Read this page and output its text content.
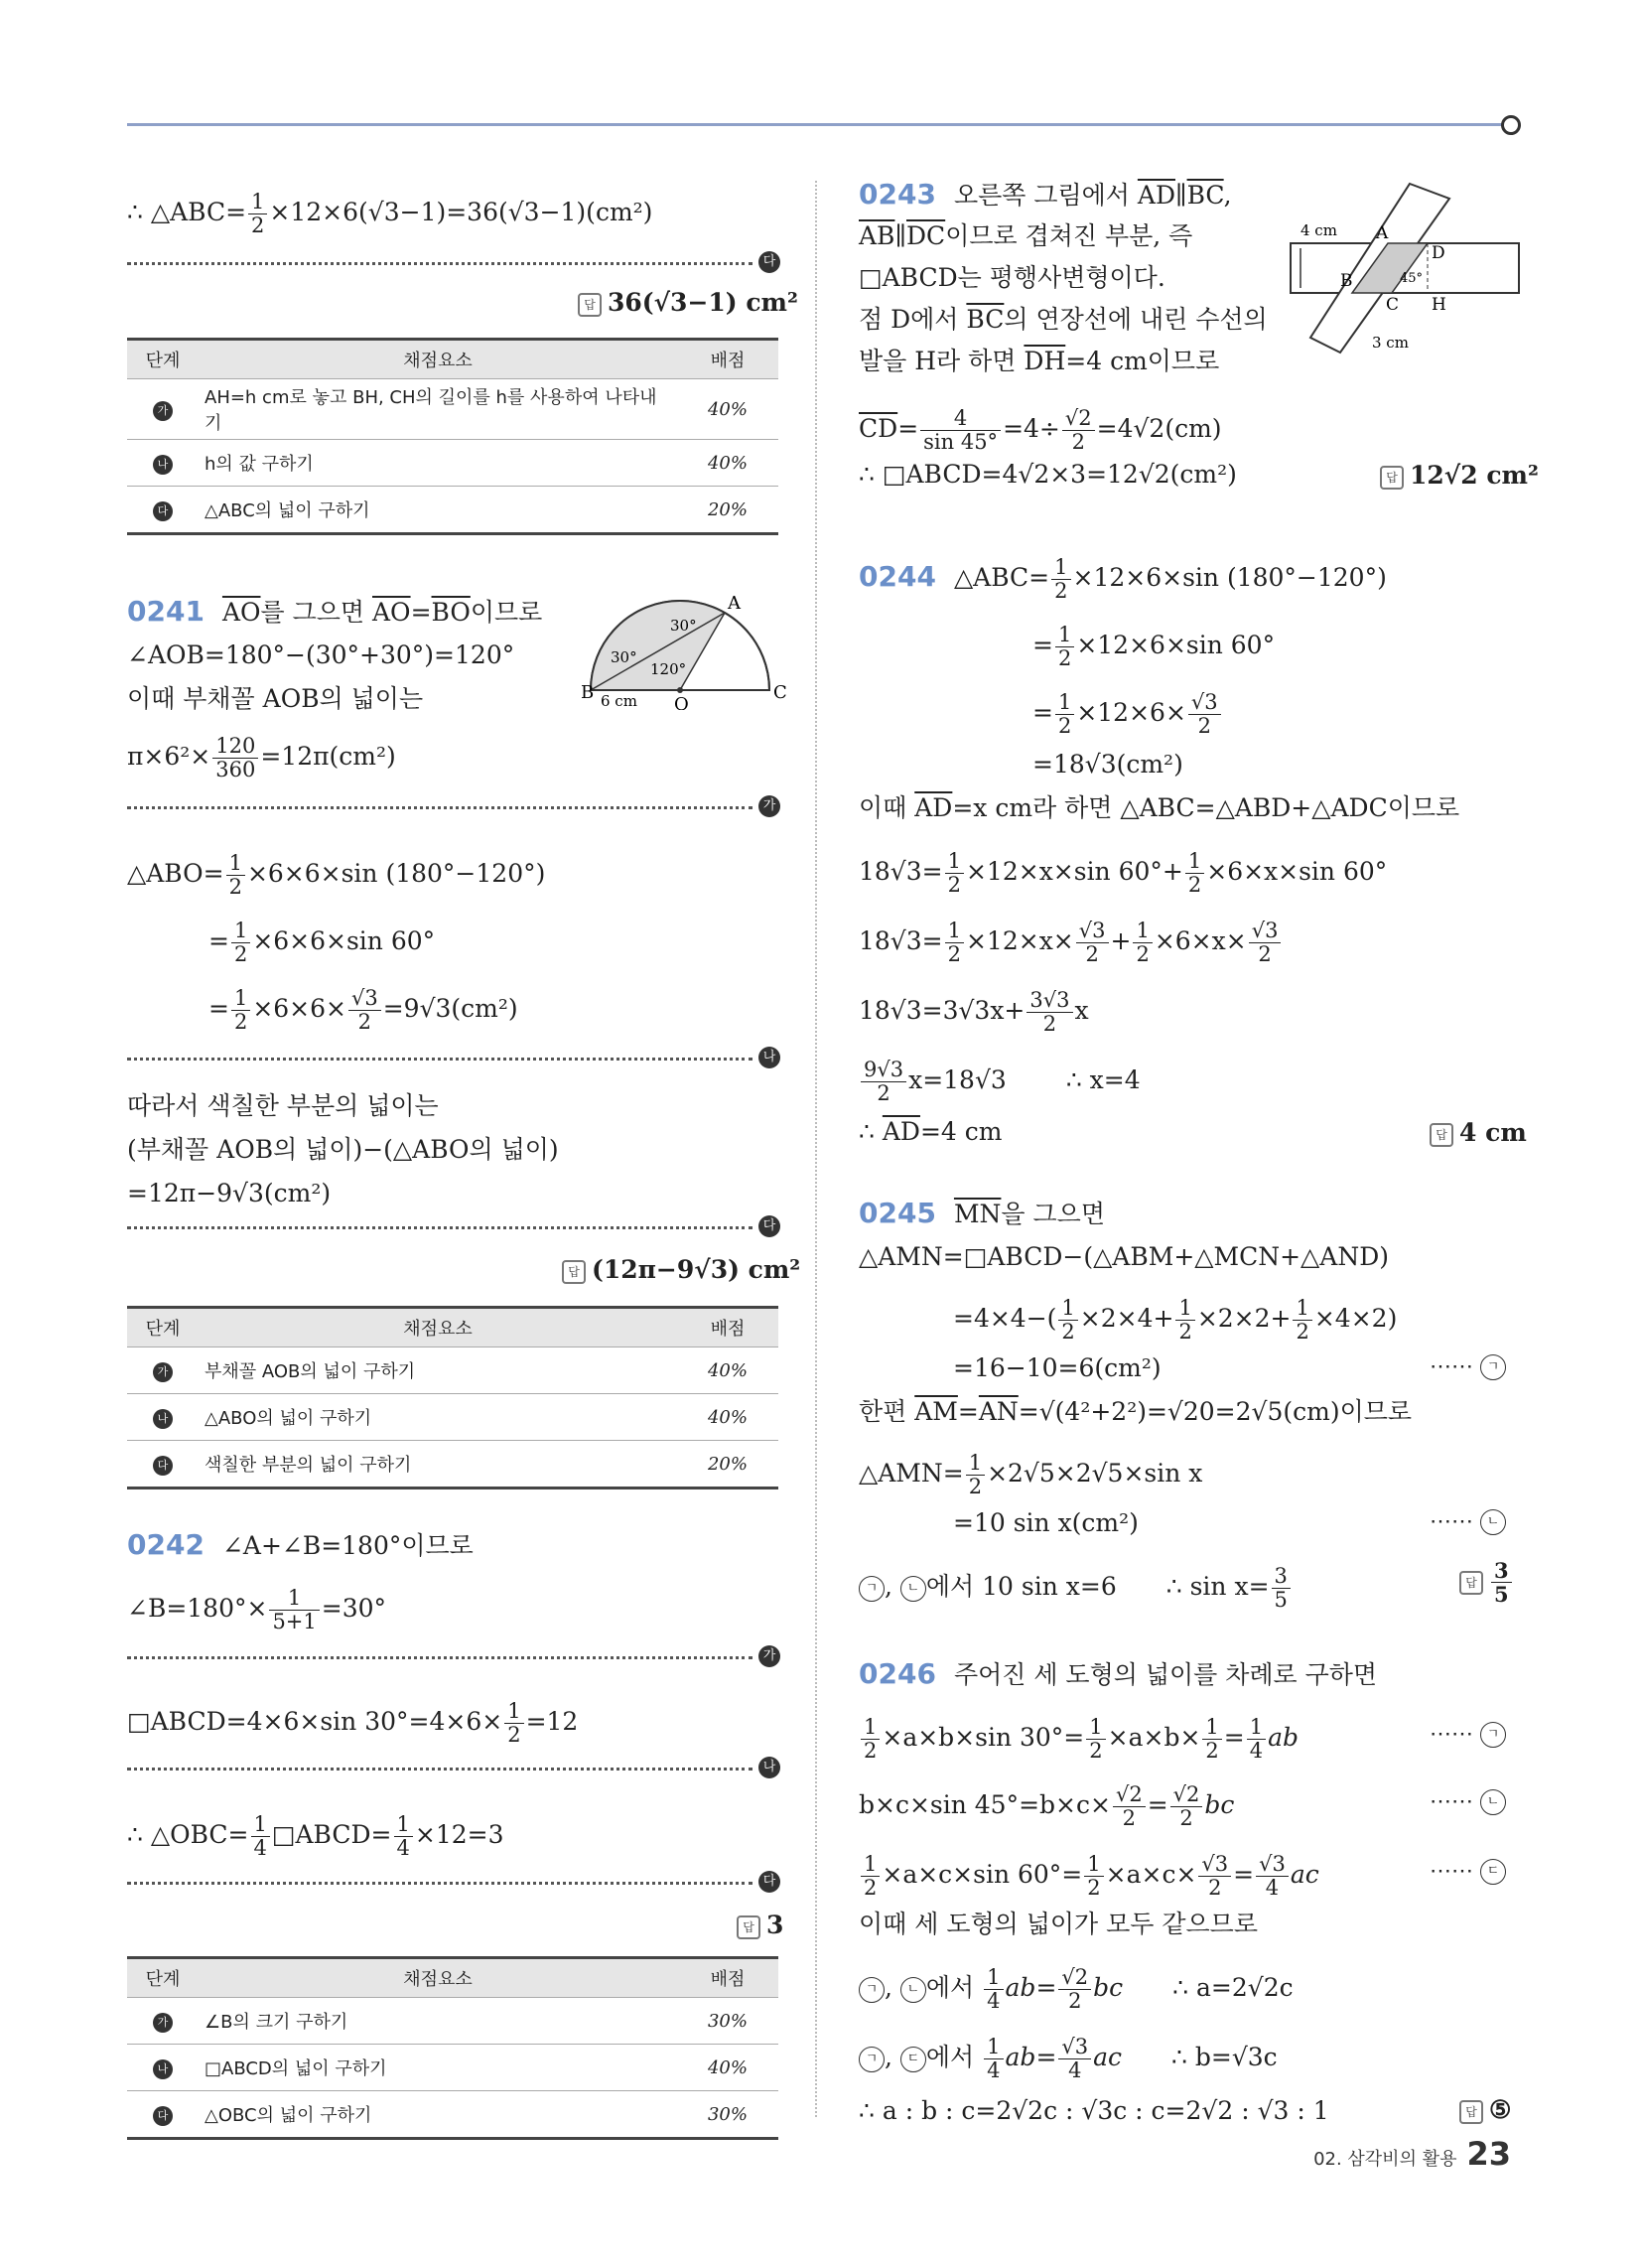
∴ △ABC= $\frac{1}{2} \times 12\times 6(√3-1)=36(√3-1)(cm^2)$
다
답 36(√3−1) cm²
단계	채점요소	배점
가	AH=h cm로 놓고 BH, CH의 길이를 h를 사용하여 나타내기	40%
나	h의 값 구하기	40%
다	△ABC의 넓이 구하기	20%
0241 $\overline{AO}$를 그으면 $\overline{AO}=\overline{BO}$이므로
∠AOB=180°−(30°+30°)=120°
이때 부채꼴 AOB의 넓이는
$\pi\times 6^2\times \frac{120}{360} =12\pi(cm^2)$
A
B	C
O
30°
30°
120°
6 cm
가
△ABO= $\frac{1}{2} \times 6\times 6\times\sin$ (180°−120°)
= $\frac{1}{2} \times 6\times 6\times\sin$ 60°
= $\frac{1}{2} \times 6\times 6\times \frac{√3}{2} =9√3(cm^2)$
나
따라서 색칠한 부분의 넓이는
(부채꼴 AOB의 넓이)−(△ABO의 넓이)
=12π−9√3(cm²)
다
답 (12π−9√3) cm²
단계	채점요소	배점
가	부채꼴 AOB의 넓이 구하기	40%
나	△ABO의 넓이 구하기	40%
다	색칠한 부분의 넓이 구하기	20%
0242 ∠A+∠B=180°이므로
∠B=180°× $\frac{1}{5+1} =30^\circ$
가
□ABCD=4×6×sin $30^\circ=4\times 6\times \frac{1}{2} =12$
나
∴ △OBC= $\frac{1}{4}$ □ABCD= $\frac{1}{4} \times 12=3$
다
답 3
단계	채점요소	배점
가	∠B의 크기 구하기	30%
나	□ABCD의 넓이 구하기	40%
다	△OBC의 넓이 구하기	30%
0243 오른쪽 그림에서 $\overline{AD}\parallel\overline{BC}$,
$\overline{AB}\parallel\overline{DC}$이므로 겹쳐진 부분, 즉
□ABCD는 평행사변형이다.
점 D에서 $\overline{BC}$의 연장선에 내린 수선의
발을 H라 하면 $\overline{DH}=4$ cm이므로
$\overline{CD}= \frac{4}{\sin 45^\circ} =4\div \frac{√2}{2} =4√2(cm)$
∴ □ABCD=4√2×3=12√2(cm²)	답 12√2 cm²
4 cm
3 cm
A
B
C
D
H
45°
0244 △ABC= $\frac{1}{2} \times 12\times 6\times\sin$ (180°−120°)
= $\frac{1}{2} \times 12\times 6\times\sin$ 60°
= $\frac{1}{2} \times 12\times 6\times \frac{√3}{2}$
=18√3(cm²)
이때 $\overline{AD}=x$ cm라 하면 △ABC=△ABD+△ADC이므로
$18√3= \frac{1}{2} \times 12\times x\times\sin$ $60^\circ+ \frac{1}{2} \times 6\times x\times\sin$ 60°
$18√3= \frac{1}{2} \times 12\times x\times \frac{√3}{2} + \frac{1}{2} \times 6\times x\times \frac{√3}{2}$
$18√3=3√3x+ \frac{3√3}{2}$ x
$\frac{9√3}{2} x=18√3$ ∴ x=4
∴ $\overline{AD}=4$ cm	답 4 cm
0245 $\overline{MN}$을 그으면
△AMN=□ABCD−(△ABM+△MCN+△AND)
$=4\times 4-( \frac{1}{2} \times 2\times 4+ \frac{1}{2} \times 2\times 2+ \frac{1}{2} \times 4\times 2)$
=16−10=6(cm²)	⋯⋯ ㄱ
한편 $\overline{AM}=\overline{AN}=√(4^2+2^2)=√20=2√5(cm)$이므로
△AMN= $\frac{1}{2} \times 2√5\times 2√5\times\sin$ x
=10 sin x(cm²)	⋯⋯ ㄴ
ㄱ , ㄴ 에서 10 sin x=6 ∴ $\sin x= \frac{3}{5}$	답 $\frac{3}{5}$
0246 주어진 세 도형의 넓이를 차례로 구하면
$\frac{1}{2} \times a\times b\times\sin$ $30^\circ= \frac{1}{2} \times a\times b\times \frac{1}{2} = \frac{1}{4}$ ab	⋯⋯ ㄱ
b×c×sin $45^\circ=b\times c\times \frac{√2}{2} = \frac{√2}{2}$ bc	⋯⋯ ㄴ
$\frac{1}{2} \times a\times c\times\sin$ $60^\circ= \frac{1}{2} \times a\times c\times \frac{√3}{2} = \frac{√3}{4}$ ac	⋯⋯ ㄷ
이때 세 도형의 넓이가 모두 같으므로
ㄱ , ㄴ 에서 $\frac{1}{4} ab= \frac{√2}{2}$ bc ∴ a=2√2c
ㄱ , ㄷ 에서 $\frac{1}{4} ab= \frac{√3}{4}$ ac ∴ b=√3c
∴ a : b : c=2√2c : √3c : c=2√2 : √3 : 1	답 ⑤
02. 삼각비의 활용 23
